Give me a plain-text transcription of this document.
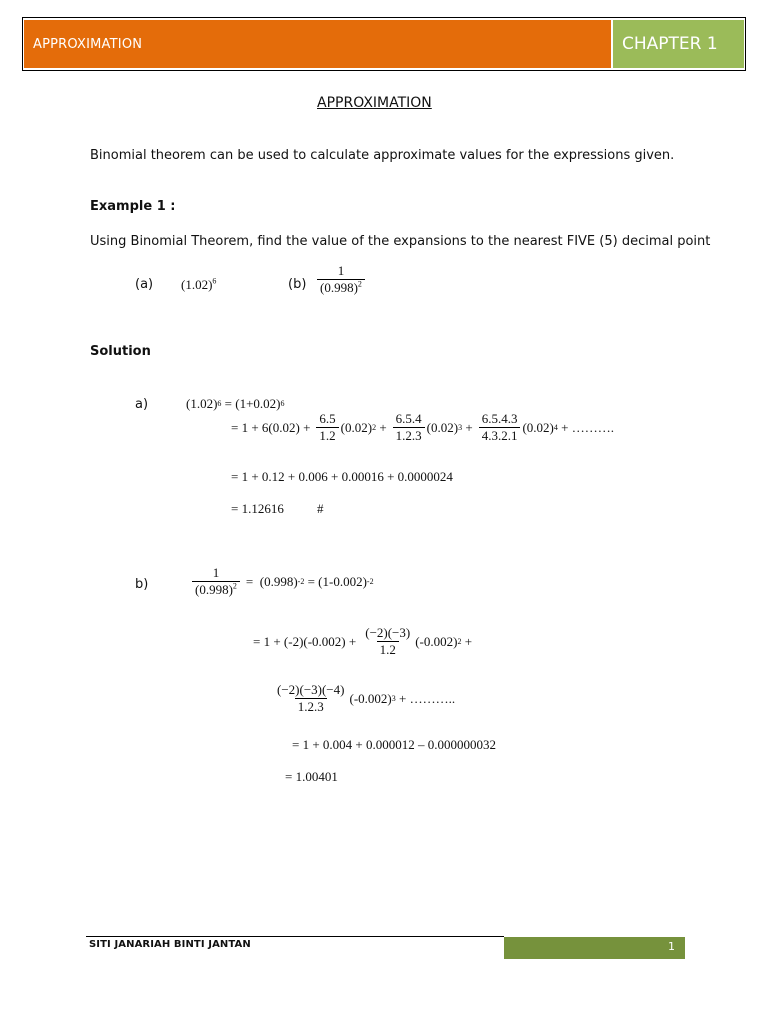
APPROXIMATION	CHAPTER 1
APPROXIMATION
Binomial theorem can be used to calculate approximate values for the expressions given.
Example 1 :
Using Binomial Theorem, find the value of the expansions to the nearest FIVE (5) decimal point
(a) $(1.02)^6$	$(b) \frac{1}{(0.998)^2}$
Solution
a)	(1.02) 6 = (1+0.02) 6
= $1 + 6(0.02) + \frac{6.5}{1.2} (0.02) 2 + \frac{6.5.4}{1.2.3} (0.02) 3 + \frac{6.5.4.3}{4.3.2.1} (0.02) 4$ + ……….
= 1 + 0.12 + 0.006 + 0.00016 + 0.0000024
= 1.12616	#
b)	$\frac{1}{(0.998)^2} = (0.998) -2 = (1-0.002)$ -2
= $1 + (-2)(-0.002) + \frac{(-2)(-3)}{1.2} (-0.002) 2$ +
$\frac{(-2)(-3)(-4)}{1.2.3} (-0.002) 3$ + ………..
= 1 + 0.004 + 0.000012 – 0.000000032
= 1.00401
SITI JANARIAH BINTI JANTAN	1
